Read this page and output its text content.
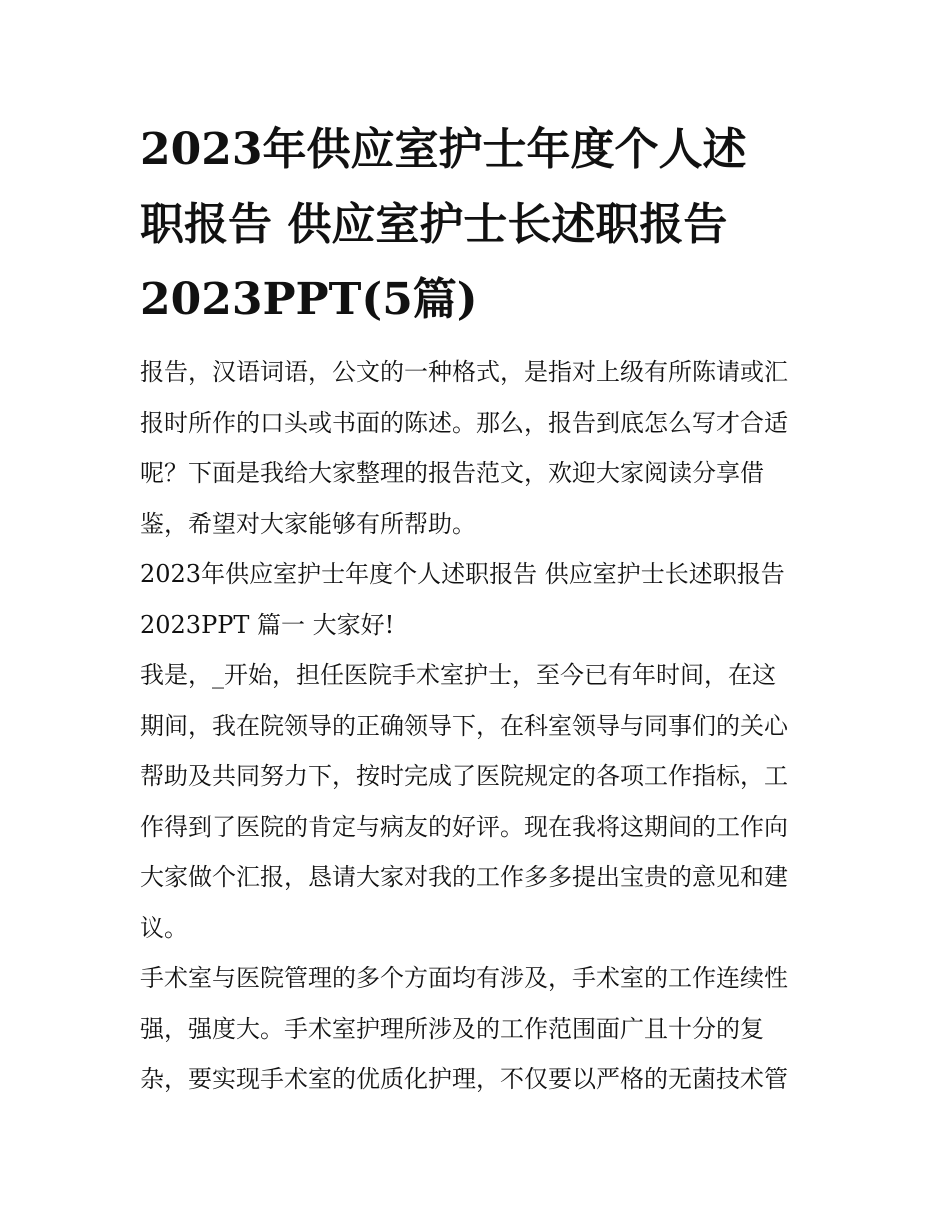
2023年供应室护士年度个人述
职报告 供应室护士长述职报告
2023PPT(5篇)

报告，汉语词语，公文的一种格式，是指对上级有所陈请或汇
报时所作的口头或书面的陈述。那么，报告到底怎么写才合适
呢？下面是我给大家整理的报告范文，欢迎大家阅读分享借
鉴，希望对大家能够有所帮助。

2023年供应室护士年度个人述职报告 供应室护士长述职报告
2023PPT 篇一 大家好!

我是，_开始，担任医院手术室护士，至今已有年时间，在这
期间，我在院领导的正确领导下，在科室领导与同事们的关心
帮助及共同努力下，按时完成了医院规定的各项工作指标，工
作得到了医院的肯定与病友的好评。现在我将这期间的工作向
大家做个汇报，恳请大家对我的工作多多提出宝贵的意见和建
议。

手术室与医院管理的多个方面均有涉及，手术室的工作连续性
强，强度大。手术室护理所涉及的工作范围面广且十分的复
杂，要实现手术室的优质化护理，不仅要以严格的无菌技术管
